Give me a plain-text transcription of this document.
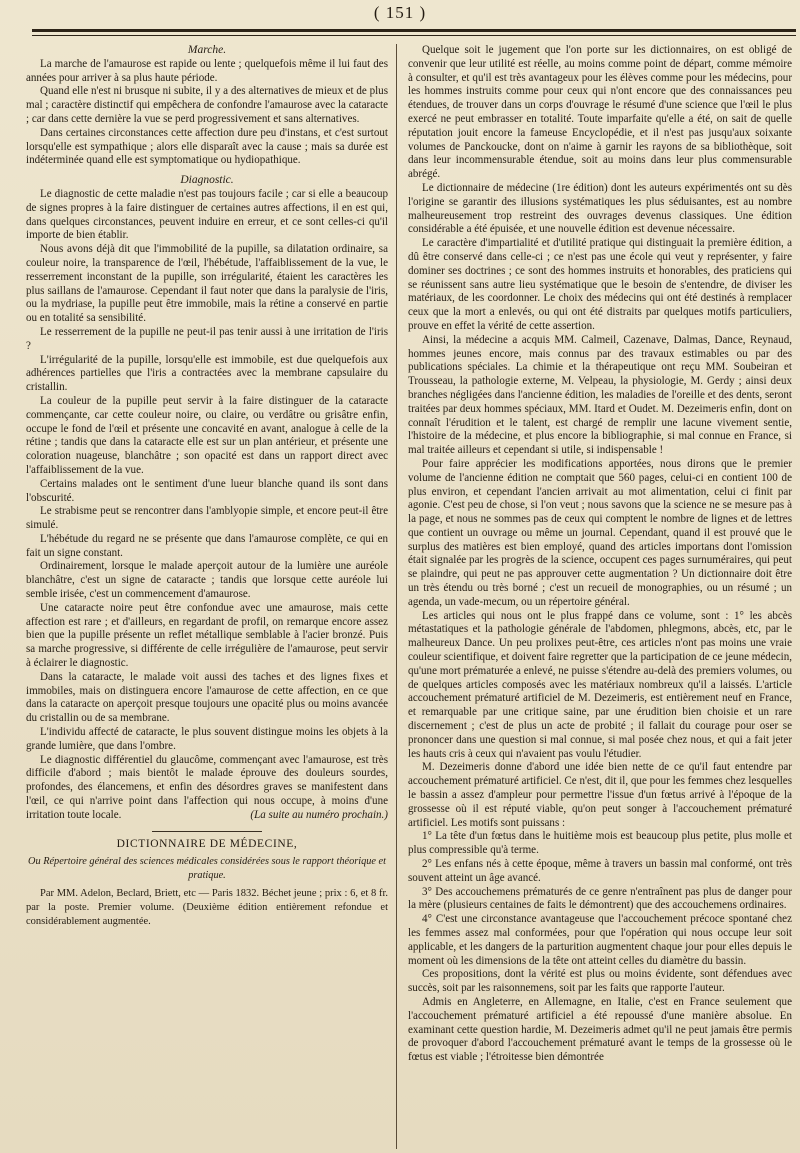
( 151 )
Marche.

La marche de l'amaurose est rapide ou lente ; quelquefois même il lui faut des années pour arriver à sa plus haute période.

Quand elle n'est ni brusque ni subite, il y a des alternatives de mieux et de plus mal ; caractère distinctif qui empêchera de confondre l'amaurose avec la cataracte ; car dans cette dernière la vue se perd progressivement et sans alternatives.

Dans certaines circonstances cette affection dure peu d'instans, et c'est surtout lorsqu'elle est sympathique ; alors elle disparaît avec la cause ; mais sa durée est indéterminée quand elle est symptomatique ou hydiopathique.

Diagnostic.

Le diagnostic de cette maladie n'est pas toujours facile ; car si elle a beaucoup de signes propres à la faire distinguer de certaines autres affections, il en est qui, dans quelques circonstances, peuvent induire en erreur, et ce sont celles-ci qu'il importe de bien établir.

Nous avons déjà dit que l'immobilité de la pupille, sa dilatation ordinaire, sa couleur noire, la transparence de l'œil, l'hébétude, l'affaiblissement de la vue, le resserrement inconstant de la pupille, son irrégularité, étaient les caractères les plus saillans de l'amaurose. Cependant il faut noter que dans la paralysie de l'iris, ou la mydriase, la pupille peut être immobile, mais la rétine a conservé en partie ou en totalité sa sensibilité.

Le resserrement de la pupille ne peut-il pas tenir aussi à une irritation de l'iris ?

L'irrégularité de la pupille, lorsqu'elle est immobile, est due quelquefois aux adhérences partielles que l'iris a contractées avec la membrane capsulaire du cristallin.

La couleur de la pupille peut servir à la faire distinguer de la cataracte commençante, car cette couleur noire, ou claire, ou verdâtre ou grisâtre enfin, occupe le fond de l'œil et présente une concavité en avant, analogue à celle de la rétine ; tandis que dans la cataracte elle est sur un plan antérieur, et présente une coloration nuageuse, blanchâtre ; son opacité est dans un rapport direct avec l'affaiblissement de la vue.

Certains malades ont le sentiment d'une lueur blanche quand ils sont dans l'obscurité.

Le strabisme peut se rencontrer dans l'amblyopie simple, et encore peut-il être simulé.

L'hébétude du regard ne se présente que dans l'amaurose complète, ce qui en fait un signe constant.

Ordinairement, lorsque le malade aperçoit autour de la lumière une auréole blanchâtre, c'est un signe de cataracte ; tandis que lorsque cette auréole lui semble irisée, c'est un commencement d'amaurose.

Une cataracte noire peut être confondue avec une amaurose, mais cette affection est rare ; et d'ailleurs, en regardant de profil, on remarque encore assez bien que la pupille présente un reflet métallique semblable à l'acier bronzé. Puis sa marche progressive, si différente de celle irrégulière de l'amaurose, peut servir à éclairer le diagnostic.

Dans la cataracte, le malade voit aussi des taches et des lignes fixes et immobiles, mais on distinguera encore l'amaurose de cette affection, en ce que dans la cataracte on aperçoit presque toujours une opacité plus ou moins avancée du cristallin ou de sa membrane.

L'individu affecté de cataracte, le plus souvent distingue moins les objets à la grande lumière, que dans l'ombre.

Le diagnostic différentiel du glaucôme, commençant avec l'amaurose, est très difficile d'abord ; mais bientôt le malade éprouve des douleurs sourdes, profondes, des élancemens, et enfin des désordres graves se manifestent dans l'œil, ce qui n'arrive point dans l'affection qui nous occupe, à moins d'une irritation toute locale.	(La suite au numéro prochain.)

DICTIONNAIRE DE MÉDECINE,

Ou Répertoire général des sciences médicales considérées sous le rapport théorique et pratique.

Par MM. Adelon, Beclard, Briett, etc — Paris 1832. Béchet jeune ; prix : 6, et 8 fr. par la poste. Premier volume. (Deuxième édition entièrement refondue et considérablement augmentée.

Quelque soit le jugement que l'on porte sur les dictionnaires, on est obligé de convenir que leur utilité est réelle, au moins comme point de départ, comme mémoire à consulter, et qu'il est très avantageux pour les élèves comme pour les médecins, pour les hommes instruits comme pour ceux qui n'ont encore que des connaissances peu étendues, de trouver dans un corps d'ouvrage le résumé d'une science que l'œil le plus exercé ne peut embrasser en totalité. Toute imparfaite qu'elle a été, on sait de quelle réputation jouit encore la fameuse Encyclopédie, et il n'est pas jusqu'aux soixante volumes de Panckoucke, dont on n'aime à garnir les rayons de sa bibliothèque, soit dans leur incommensurable étendue, soit au moins dans leur plus commensurable abrégé.

Le dictionnaire de médecine (1re édition) dont les auteurs expérimentés ont su dès l'origine se garantir des illusions systématiques les plus séduisantes, est au nombre malheureusement trop restreint des ouvrages devenus classiques. Une édition considérable a été épuisée, et une nouvelle édition est devenue nécessaire.

Le caractère d'impartialité et d'utilité pratique qui distinguait la première édition, a dû être conservé dans celle-ci ; ce n'est pas une école qui veut y représenter, y faire dominer ses doctrines ; ce sont des hommes instruits et honorables, des praticiens qui se réunissent sans autre lieu systématique que le besoin de s'entendre, de diviser les matériaux, de les coordonner. Le choix des médecins qui ont été destinés à remplacer ceux que la mort a enlevés, ou qui ont été distraits par quelques motifs particuliers, prouve en effet la vérité de cette assertion.

Ainsi, la médecine a acquis MM. Calmeil, Cazenave, Dalmas, Dance, Reynaud, hommes jeunes encore, mais connus par des travaux estimables ou par des publications spéciales. La chimie et la thérapeutique ont reçu MM. Soubeiran et Trousseau, la pathologie externe, M. Velpeau, la physiologie, M. Gerdy ; ainsi deux branches négligées dans l'ancienne édition, les maladies de l'oreille et des dents, seront traitées par deux hommes spéciaux, MM. Itard et Oudet. M. Dezeimeris enfin, dont on connaît l'érudition et le talent, est chargé de remplir une lacune vivement sentie, l'histoire de la médecine, et plus encore la bibliographie, si mal connue en France, si mal traitée ailleurs et cependant si utile, si indispensable !

Pour faire apprécier les modifications apportées, nous dirons que le premier volume de l'ancienne édition ne comptait que 560 pages, celui-ci en contient 100 de plus environ, et cependant l'ancien arrivait au mot alimentation, celui ci finit par agonie. C'est peu de chose, si l'on veut ; nous savons que la science ne se mesure pas à la page, et nous ne sommes pas de ceux qui comptent le nombre de lignes et de lettres que contient un ouvrage ou même un journal. Cependant, quand il est prouvé que le surplus des matières est bien employé, quand des articles importans dont l'omission était signalée par les progrès de la science, occupent ces pages surnuméraires, qui peut se plaindre, qui peut ne pas approuver cette augmentation ? Un dictionnaire doit être un très étendu ou très borné ; c'est un recueil de monographies, ou un résumé ; un agenda, un vade-mecum, ou un répertoire général.

Les articles qui nous ont le plus frappé dans ce volume, sont : 1° les abcès métastatiques et la pathologie générale de l'abdomen, phlegmons, abcès, etc, par le malheureux Dance. Un peu prolixes peut-être, ces articles n'ont pas moins une vraie couleur scientifique, et doivent faire regretter que la participation de ce jeune médecin, qu'une mort prématurée a enlevé, ne puisse s'étendre au-delà des premiers volumes, ou de quelques articles composés avec les matériaux nombreux qu'il a laissés. L'article accouchement prématuré artificiel de M. Dezeimeris, est entièrement neuf en France, et remarquable par une critique saine, par une érudition bien choisie et un rare discernement ; c'est de plus un acte de probité ; il fallait du courage pour oser se prononcer dans une question si mal connue, si mal posée chez nous, et qui a fait jeter les hauts cris à ceux qui n'avaient pas voulu l'étudier.

M. Dezeimeris donne d'abord une idée bien nette de ce qu'il faut entendre par accouchement prématuré artificiel. Ce n'est, dit il, que pour les femmes chez lesquelles le bassin a assez d'ampleur pour permettre l'issue d'un fœtus arrivé à l'époque de la grossesse où il est réputé viable, qu'on peut songer à l'accouchement prématuré artificiel. Les motifs sont puissans :

1° La tête d'un fœtus dans le huitième mois est beaucoup plus petite, plus molle et plus compressible qu'à terme.

2° Les enfans nés à cette époque, même à travers un bassin mal conformé, ont très souvent atteint un âge avancé.

3° Des accouchemens prématurés de ce genre n'entraînent pas plus de danger pour la mère (plusieurs centaines de faits le démontrent) que des accouchemens ordinaires.

4° C'est une circonstance avantageuse que l'accouchement précoce spontané chez les femmes assez mal conformées, pour que l'opération qui nous occupe leur soit applicable, et les dangers de la parturition augmentent chaque jour pour elles depuis le moment où les dimensions de la tête ont atteint celles du diamètre du bassin.

Ces propositions, dont la vérité est plus ou moins évidente, sont défendues avec succès, soit par les raisonnemens, soit par les faits que rapporte l'auteur.

Admis en Angleterre, en Allemagne, en Italie, c'est en France seulement que l'accouchement prématuré artificiel a été repoussé d'une manière absolue. En examinant cette question hardie, M. Dezeimeris admet qu'il ne peut jamais être permis de provoquer d'abord l'accouchement prématuré avant le temps de la grossesse où le fœtus est viable ; l'étroitesse bien démontrée
